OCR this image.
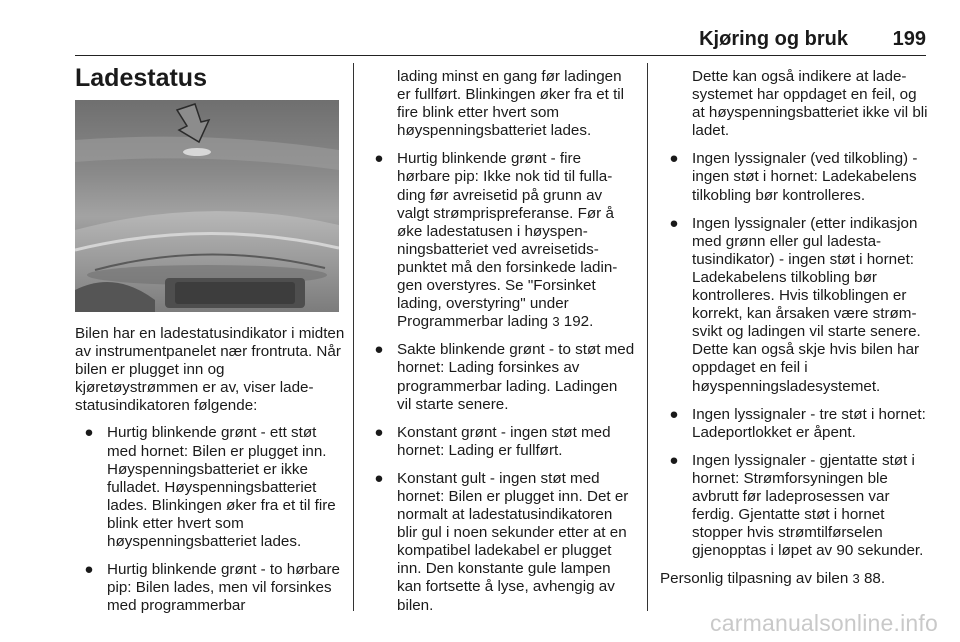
Kjøring og bruk 199
Ladestatus

Bilen har en ladestatusindikator i midten av instrumentpanelet nær frontruta. Når bilen er plugget inn og kjøretøystrømmen er av, viser ladestatusindikatoren følgende:

● Hurtig blinkende grønt - ett støt med hornet: Bilen er plugget inn. Høyspenningsbatteriet er ikke fulladet. Høyspenningsbatteriet lades. Blinkingen øker fra et til fire blink etter hvert som høyspenningsbatteriet lades.
● Hurtig blinkende grønt - to hørbare pip: Bilen lades, men vil forsinkes med programmerbar

lading minst en gang før ladingen er fullført. Blinkingen øker fra et til fire blink etter hvert som høyspenningsbatteriet lades.

● Hurtig blinkende grønt - fire hørbare pip: Ikke nok tid til fullading før avreisetid på grunn av valgt strømprispreferanse. Før å øke ladestatusen i høyspenningsbatteriet ved avreisetidspunktet må den forsinkede ladingen overstyres. Se "Forsinket lading, overstyring" under Programmerbar lading 3 192.
● Sakte blinkende grønt - to støt med hornet: Lading forsinkes av programmerbar lading. Ladingen vil starte senere.
● Konstant grønt - ingen støt med hornet: Lading er fullført.
● Konstant gult - ingen støt med hornet: Bilen er plugget inn. Det er normalt at ladestatusindikatoren blir gul i noen sekunder etter at en kompatibel ladekabel er plugget inn. Den konstante gule lampen kan fortsette å lyse, avhengig av bilen.

Dette kan også indikere at ladesystemet har oppdaget en feil, og at høyspenningsbatteriet ikke vil bli ladet.

● Ingen lyssignaler (ved tilkobling) - ingen støt i hornet: Ladekabelens tilkobling bør kontrolleres.
● Ingen lyssignaler (etter indikasjon med grønn eller gul ladestatusindikator) - ingen støt i hornet: Ladekabelens tilkobling bør kontrolleres. Hvis tilkoblingen er korrekt, kan årsaken være strømsvikt og ladingen vil starte senere. Dette kan også skje hvis bilen har oppdaget en feil i høyspenningsladesystemet.
● Ingen lyssignaler - tre støt i hornet: Ladeportlokket er åpent.
● Ingen lyssignaler - gjentatte støt i hornet: Strømforsyningen ble avbrutt før ladeprosessen var ferdig. Gjentatte støt i hornet stopper hvis strømtilførselen gjenopptas i løpet av 90 sekunder.

Personlig tilpasning av bilen 3 88.

carmanualsonline.info
